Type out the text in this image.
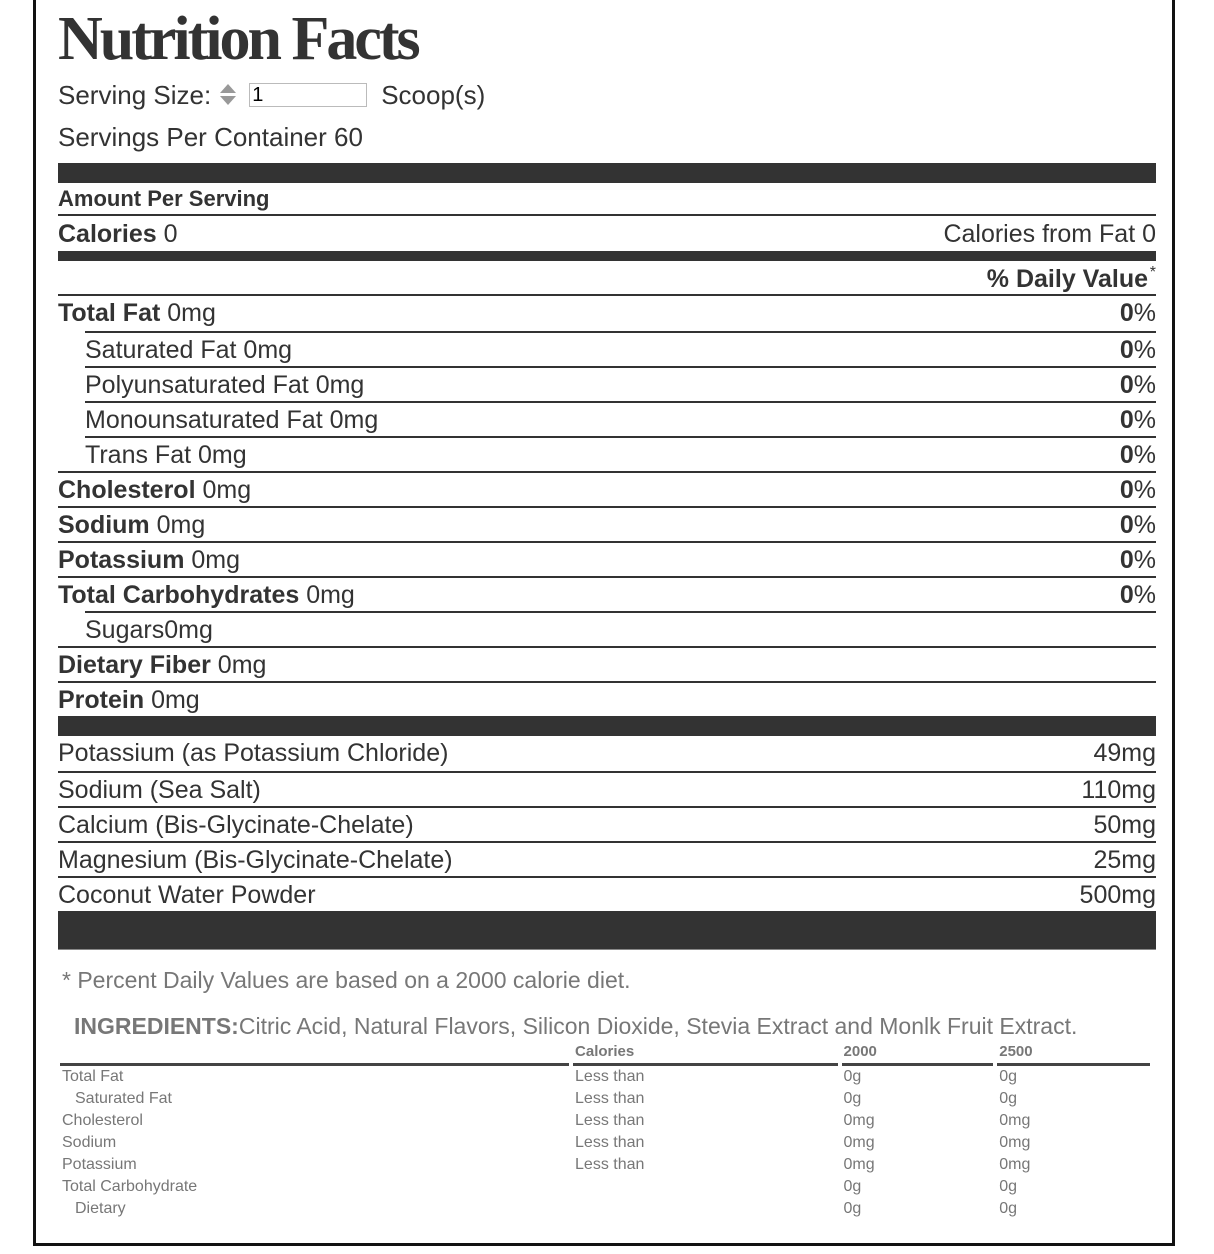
Nutrition Facts
Serving Size:
1	Scoop(s)
Servings Per Container 60
Amount Per Serving
Calories 0	Calories from Fat 0
% Daily Value *
Total Fat 0mg	0%
Saturated Fat 0mg	0%
Polyunsaturated Fat 0mg	0%
Monounsaturated Fat 0mg	0%
Trans Fat 0mg	0%
Cholesterol 0mg	0%
Sodium 0mg	0%
Potassium 0mg	0%
Total Carbohydrates 0mg	0%
Sugars0mg
Dietary Fiber 0mg
Protein 0mg
Potassium (as Potassium Chloride)	49mg
Sodium (Sea Salt)	110mg
Calcium (Bis-Glycinate-Chelate)	50mg
Magnesium (Bis-Glycinate-Chelate)	25mg
Coconut Water Powder	500mg
* Percent Daily Values are based on a 2000 calorie diet.
INGREDIENTS:Citric Acid, Natural Flavors, Silicon Dioxide, Stevia Extract and Monlk Fruit Extract.
	Calories	2000	2500
Total Fat	Less than	0g	0g
Saturated Fat	Less than	0g	0g
Cholesterol	Less than	0mg	0mg
Sodium	Less than	0mg	0mg
Potassium	Less than	0mg	0mg
Total Carbohydrate		0g	0g
Dietary		0g	0g
